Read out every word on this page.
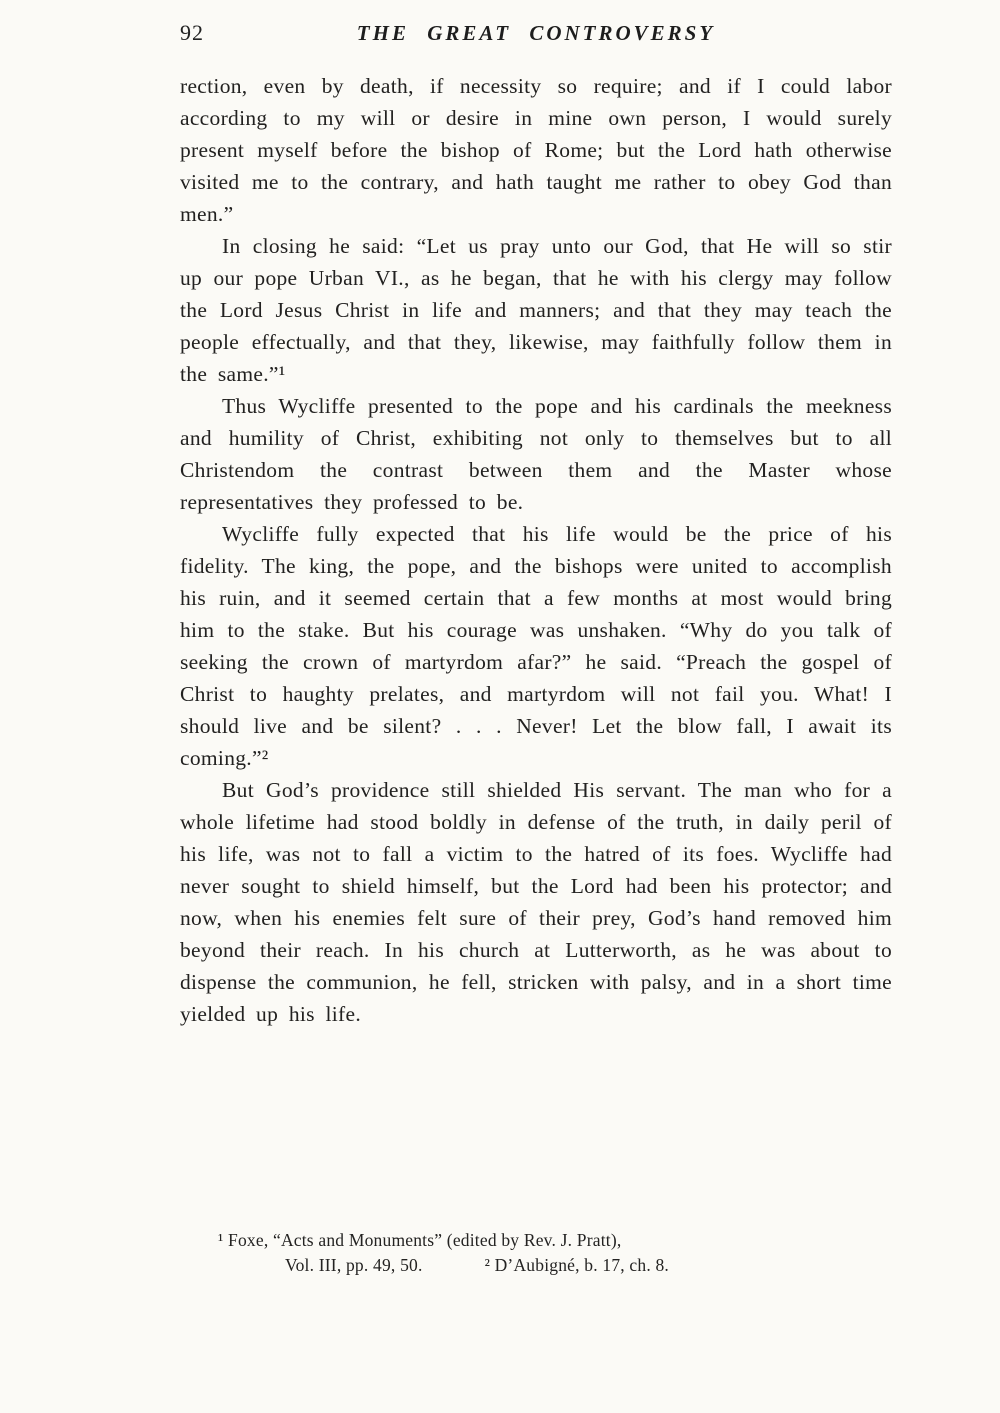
92	THE GREAT CONTROVERSY

rection, even by death, if necessity so require; and if I could labor according to my will or desire in mine own person, I would surely present myself before the bishop of Rome; but the Lord hath otherwise visited me to the contrary, and hath taught me rather to obey God than men.”

In closing he said: “Let us pray unto our God, that He will so stir up our pope Urban VI., as he began, that he with his clergy may follow the Lord Jesus Christ in life and manners; and that they may teach the people effectually, and that they, likewise, may faithfully follow them in the same.”¹

Thus Wycliffe presented to the pope and his cardinals the meekness and humility of Christ, exhibiting not only to themselves but to all Christendom the contrast between them and the Master whose representatives they professed to be.

Wycliffe fully expected that his life would be the price of his fidelity. The king, the pope, and the bishops were united to accomplish his ruin, and it seemed certain that a few months at most would bring him to the stake. But his courage was unshaken. “Why do you talk of seeking the crown of martyrdom afar?” he said. “Preach the gospel of Christ to haughty prelates, and martyrdom will not fail you. What! I should live and be silent? . . . Never! Let the blow fall, I await its coming.”²

But God’s providence still shielded His servant. The man who for a whole lifetime had stood boldly in defense of the truth, in daily peril of his life, was not to fall a victim to the hatred of its foes. Wycliffe had never sought to shield himself, but the Lord had been his protector; and now, when his enemies felt sure of their prey, God’s hand removed him beyond their reach. In his church at Lutterworth, as he was about to dispense the communion, he fell, stricken with palsy, and in a short time yielded up his life.

¹ Foxe, “Acts and Monuments” (edited by Rev. J. Pratt),
Vol. III, pp. 49, 50.	² D’Aubigné, b. 17, ch. 8.
